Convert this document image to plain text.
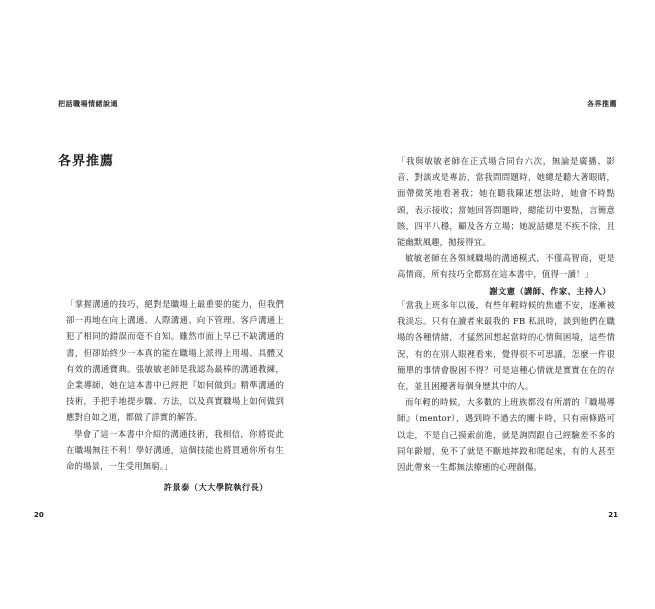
把話職場情緒說通
各界推薦

「掌握溝通的技巧，絕對是職場上最重要的能力，但我們卻一再地在向上溝通、人際溝通、向下管理、客戶溝通上犯了相同的錯誤而毫不自知。雖然市面上早已不缺溝通的書，但卻始終少一本真的能在職場上派得上用場、具體又有效的溝通寶典。張敏敏老師是我認為最棒的溝通教練，企業導師，她在這本書中已經把『如何做到』精準溝通的技術，手把手地提步驟、方法，以及真實職場上如何做到應對自如之道，都做了詳實的解答。

學會了這一本書中介紹的溝通技術，我相信，你將從此在職場無往不利！學好溝通，這個技能也將買通你所有生命的場景，一生受用無窮。」

許景泰（大大學院執行長）
20
各界推薦

「我與敏敏老師在正式場合同台六次，無論是廣播、影音、對談或是專訪，當我問問題時，她總是聽大著眼睛，面帶微笑地看著我；她在聽我陳述想法時，她會不時點頭，表示接收；當她回答問題時，總能切中要點，言簡意賅，四平八穩，顧及各方立場；她說話總是不疾不徐，且能幽默風趣，拋接得宜。

敏敏老師在各領域職場的溝通模式，不僅高智商，更是高情商，所有技巧全都寫在這本書中，值得一讀！」

謝文憲（講師、作家、主持人）

「當我上班多年以後，有些年輕時候的焦慮不安，逐漸被我淡忘。只有在讀者來最我的 FB 私訊時，談到他們在職場的各種情緒，才猛然回想起當時的心情與困境，這些情況，有的在別人眼裡看來，覺得很不可思議，怎麼一件很簡單的事情會脫困不得？可是這種心情就是實實在在的存在，並且困擾著每個身歷其中的人。

而年輕的時候，大多數的上班族都沒有所謂的『職場導師』（mentor），遇到時不過去的關卡時，只有兩條路可以走，不是自己摸索前進，就是詢問跟自己經驗差不多的同年齡層，免不了就是不斷地摔跤和爬起來，有的人甚至因此帶來一生都無法療癒的心理創傷。

21
